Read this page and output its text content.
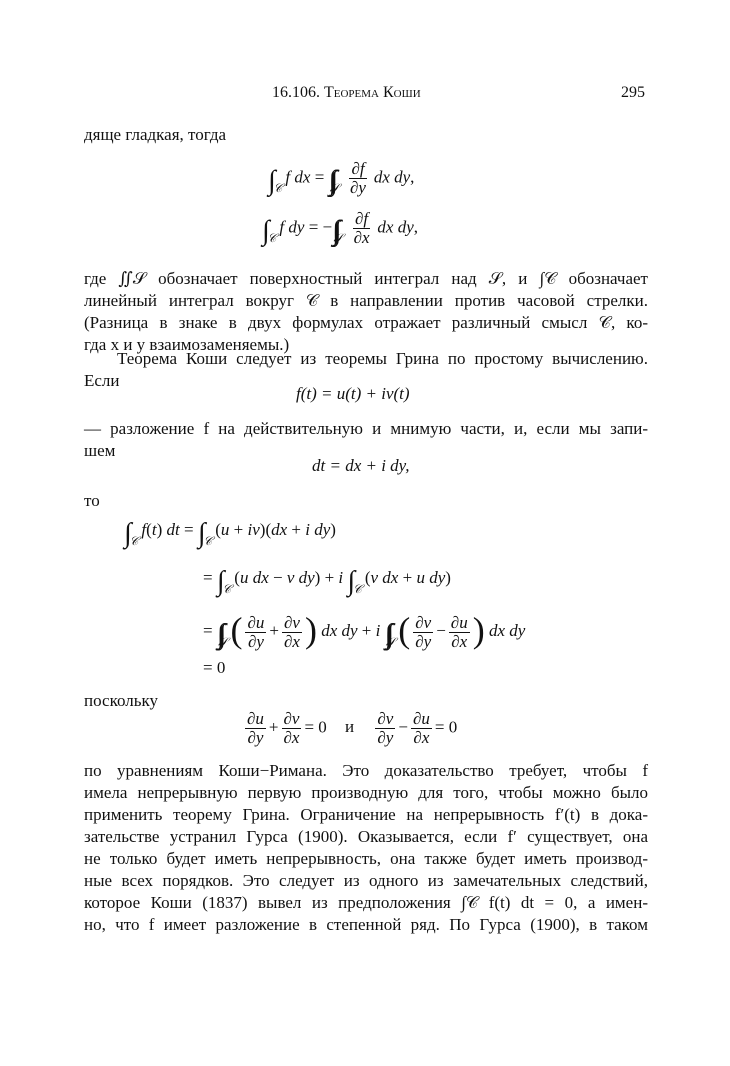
16.106. Теорема Коши	295
дяще гладкая, тогда
$\int_𝒞f$ dx = $\int\int_𝒮 \frac{\partial f}{\partial y}$ dx dy,
$\int_𝒞f$ dy = $-\int\int_𝒮 \frac{\partial f}{\partial x}$ dx dy,
где ∬𝒮 обозначает поверхностный интеграл над 𝒮, и ∫𝒞 обозначает
линейный интеграл вокруг 𝒞 в направлении против часовой стрелки.
(Разница в знаке в двух формулах отражает различный смысл 𝒞, ко-
гда x и y взаимозаменяемы.)
Теорема Коши следует из теоремы Грина по простому вычислению.
Если
f(t) = u(t) + iv(t)
— разложение f на действительную и мнимую части, и, если мы запи-
шем
dt = dx + i dy,
то
$\int_𝒞f(t)$ dt = $\int_𝒞(u + iv)(dx + i$ dy)
= $\int_𝒞(u$ dx − v dy) + i $\int_𝒞(v$ dx + u dy)
= $\int\int_𝒮( \frac{\partial u}{\partial y} + \frac{\partial v}{\partial x}$ ) dx dy + i $\int\int_𝒮( \frac{\partial v}{\partial y} - \frac{\partial u}{\partial x}$ ) dx dy
= 0
поскольку
$\frac{\partial u}{\partial y} + \frac{\partial v}{\partial x} = 0$ и $\frac{\partial v}{\partial y} - \frac{\partial u}{\partial x} = 0$
по уравнениям Коши−Римана. Это доказательство требует, чтобы f
имела непрерывную первую производную для того, чтобы можно было
применить теорему Грина. Ограничение на непрерывность f′(t) в дока-
зательстве устранил Гурса (1900). Оказывается, если f′ существует, она
не только будет иметь непрерывность, она также будет иметь производ-
ные всех порядков. Это следует из одного из замечательных следствий,
которое Коши (1837) вывел из предположения ∫𝒞 f(t) dt = 0, а имен-
но, что f имеет разложение в степенной ряд. По Гурса (1900), в таком
∫𝒞 f dx = ∬𝒮 ∂f/∂y dx dy, ∫𝒞 f dy = −∬𝒮 ∂f/∂x dx dy, ∫𝒞 f(t) dt = ∫𝒞 (u + iv)(dx + i dy) = ∫𝒞 (u dx − v dy) + i ∫𝒞 (v dx + u dy) = ∬𝒮 (∂u/∂y + ∂v/∂x) dx dy + i ∬𝒮 (∂v/∂y − ∂u/∂x) dx dy ∂u/∂y + ∂v/∂x = 0 и ∂v/∂y − ∂u/∂x = 0
